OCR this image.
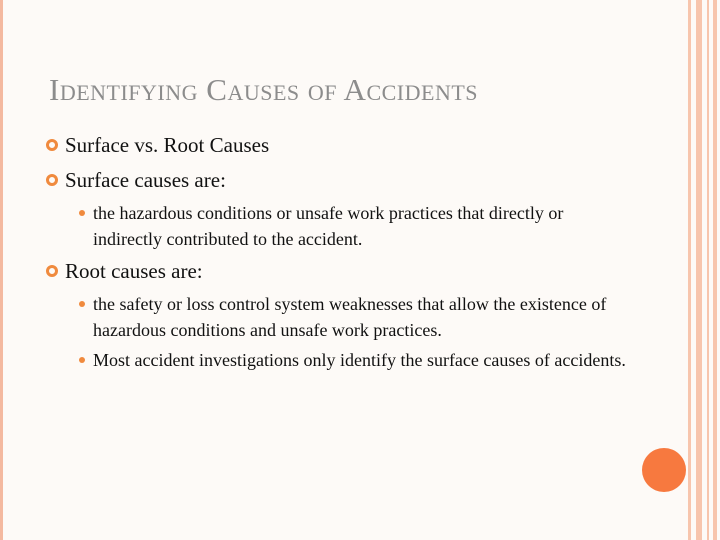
Identifying Causes of Accidents
Surface vs. Root Causes
Surface causes are:
the hazardous conditions or unsafe work practices that directly or indirectly contributed to the accident.
Root causes are:
the safety or loss control system weaknesses that allow the existence of hazardous conditions and unsafe work practices.
Most accident investigations only identify the surface causes of accidents.
